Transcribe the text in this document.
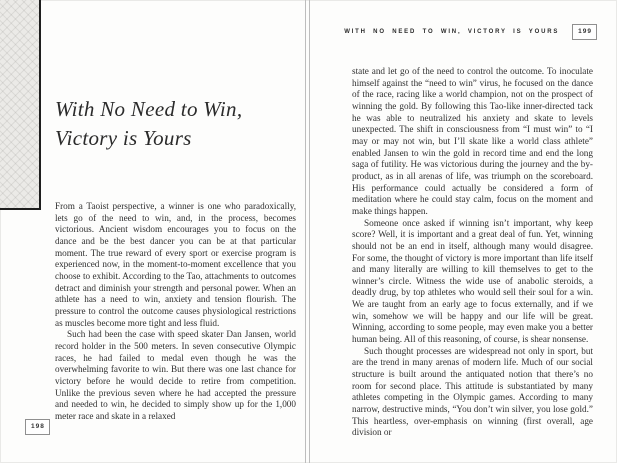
With No Need to Win,
Victory is Yours

From a Taoist perspective, a winner is one who paradoxically, lets go of the need to win, and, in the process, becomes victorious. Ancient wisdom encourages you to focus on the dance and be the best dancer you can be at that particular moment. The true reward of every sport or exercise program is experienced now, in the moment-to-moment excellence that you choose to exhibit. According to the Tao, attachments to outcomes detract and diminish your strength and personal power. When an athlete has a need to win, anxiety and tension flourish. The pressure to control the outcome causes physiological restrictions as muscles become more tight and less fluid.

Such had been the case with speed skater Dan Jansen, world record holder in the 500 meters. In seven consecutive Olympic races, he had failed to medal even though he was the overwhelming favorite to win. But there was one last chance for victory before he would decide to retire from competition. Unlike the previous seven where he had accepted the pressure and needed to win, he decided to simply show up for the 1,000 meter race and skate in a relaxed

198
WITH NO NEED TO WIN, VICTORY IS YOURS	199

state and let go of the need to control the outcome. To inoculate himself against the “need to win” virus, he focused on the dance of the race, racing like a world champion, not on the prospect of winning the gold. By following this Tao-like inner-directed tack he was able to neutralized his anxiety and skate to levels unexpected. The shift in consciousness from “I must win” to “I may or may not win, but I’ll skate like a world class athlete” enabled Jansen to win the gold in record time and end the long saga of futility. He was victorious during the journey and the by-product, as in all arenas of life, was triumph on the scoreboard. His performance could actually be considered a form of meditation where he could stay calm, focus on the moment and make things happen.

Someone once asked if winning isn’t important, why keep score? Well, it is important and a great deal of fun. Yet, winning should not be an end in itself, although many would disagree. For some, the thought of victory is more important than life itself and many literally are willing to kill themselves to get to the winner’s circle. Witness the wide use of anabolic steroids, a deadly drug, by top athletes who would sell their soul for a win. We are taught from an early age to focus externally, and if we win, somehow we will be happy and our life will be great. Winning, according to some people, may even make you a better human being. All of this reasoning, of course, is shear nonsense.

Such thought processes are widespread not only in sport, but are the trend in many arenas of modern life. Much of our social structure is built around the antiquated notion that there’s no room for second place. This attitude is substantiated by many athletes competing in the Olympic games. According to many narrow, destructive minds, “You don’t win silver, you lose gold.” This heartless, over-emphasis on winning (first overall, age division or
